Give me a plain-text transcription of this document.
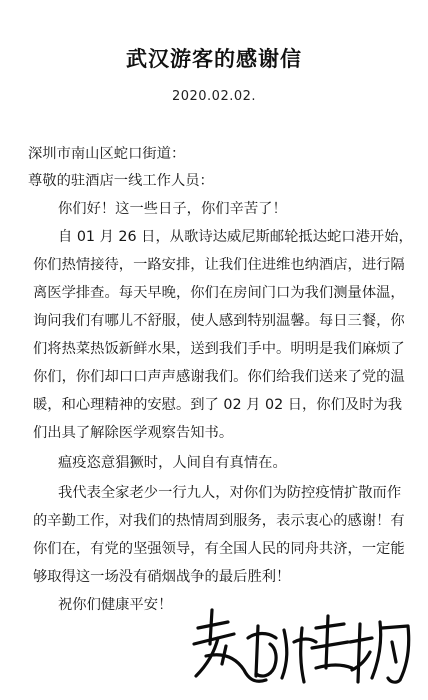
武汉游客的感谢信
2020.02.02.
深圳市南山区蛇口街道：
尊敬的驻酒店一线工作人员：
你们好！这一些日子，你们辛苦了！
自 01 月 26 日，从歌诗达威尼斯邮轮抵达蛇口港开始，
你们热情接待，一路安排，让我们住进维也纳酒店，进行隔
离医学排查。每天早晚，你们在房间门口为我们测量体温，
询问我们有哪儿不舒服，使人感到特别温馨。每日三餐，你
们将热菜热饭新鲜水果，送到我们手中。明明是我们麻烦了
你们，你们却口口声声感谢我们。你们给我们送来了党的温
暖，和心理精神的安慰。到了 02 月 02 日，你们及时为我
们出具了解除医学观察告知书。
瘟疫恣意猖獗时，人间自有真情在。
我代表全家老少一行九人，对你们为防控疫情扩散而作
的辛勤工作，对我们的热情周到服务，表示衷心的感谢！有
你们在，有党的坚强领导，有全国人民的同舟共济，一定能
够取得这一场没有硝烟战争的最后胜利！
祝你们健康平安！
